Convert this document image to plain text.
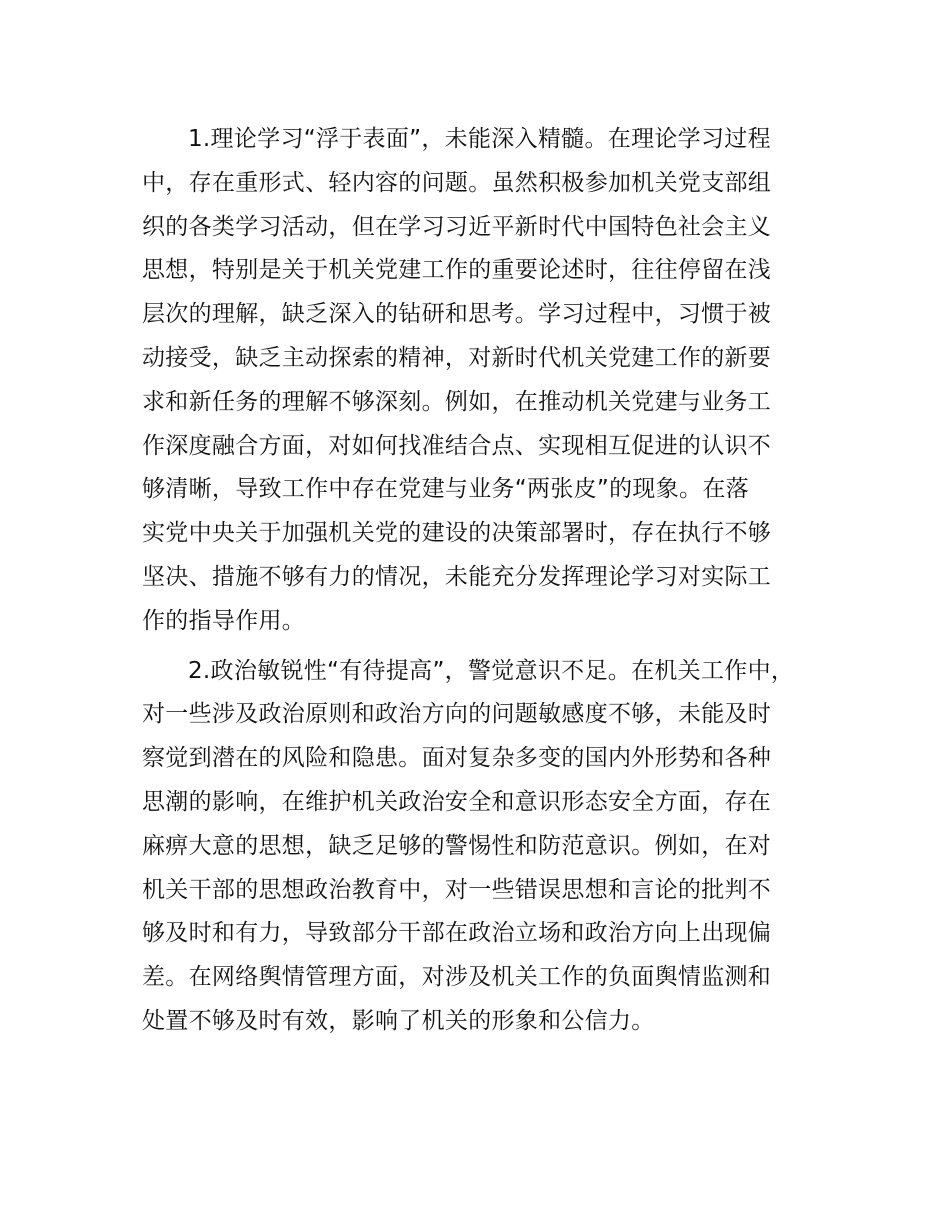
1.理论学习“浮于表面”，未能深入精髓。在理论学习过程
中，存在重形式、轻内容的问题。虽然积极参加机关党支部组
织的各类学习活动，但在学习习近平新时代中国特色社会主义
思想，特别是关于机关党建工作的重要论述时，往往停留在浅
层次的理解，缺乏深入的钻研和思考。学习过程中，习惯于被
动接受，缺乏主动探索的精神，对新时代机关党建工作的新要
求和新任务的理解不够深刻。例如，在推动机关党建与业务工
作深度融合方面，对如何找准结合点、实现相互促进的认识不
够清晰，导致工作中存在党建与业务“两张皮”的现象。在落
实党中央关于加强机关党的建设的决策部署时，存在执行不够
坚决、措施不够有力的情况，未能充分发挥理论学习对实际工
作的指导作用。
2.政治敏锐性“有待提高”，警觉意识不足。在机关工作中，
对一些涉及政治原则和政治方向的问题敏感度不够，未能及时
察觉到潜在的风险和隐患。面对复杂多变的国内外形势和各种
思潮的影响，在维护机关政治安全和意识形态安全方面，存在
麻痹大意的思想，缺乏足够的警惕性和防范意识。例如，在对
机关干部的思想政治教育中，对一些错误思想和言论的批判不
够及时和有力，导致部分干部在政治立场和政治方向上出现偏
差。在网络舆情管理方面，对涉及机关工作的负面舆情监测和
处置不够及时有效，影响了机关的形象和公信力。
